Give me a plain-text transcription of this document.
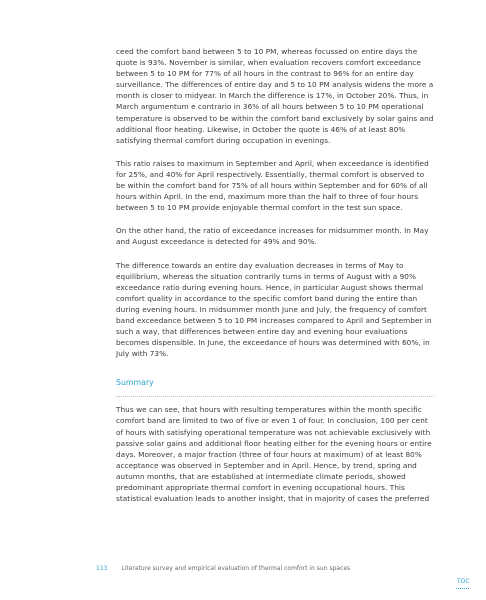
ceed the comfort band between 5 to 10 PM, whereas focussed on entire days the quote is 93%. November is similar, when evaluation recovers comfort exceedance between 5 to 10 PM for 77% of all hours in the contrast to 96% for an entire day surveillance. The differences of entire day and 5 to 10 PM analysis widens the more a month is closer to midyear. In March the difference is 17%, in October 20%. Thus, in March argumentum e contrario in 36% of all hours between 5 to 10 PM operational temperature is observed to be within the comfort band exclusively by solar gains and additional floor heating. Likewise, in October the quote is 46% of at least 80% satisfying thermal comfort during occupation in evenings.

This ratio raises to maximum in September and April, when exceedance is identified for 25%, and 40% for April respectively. Essentially, thermal comfort is observed to be within the comfort band for 75% of all hours within September and for 60% of all hours within April. In the end, maximum more than the half to three of four hours between 5 to 10 PM provide enjoyable thermal comfort in the test sun space.

On the other hand, the ratio of exceedance increases for midsummer month. In May and August exceedance is detected for 49% and 90%.

The difference towards an entire day evaluation decreases in terms of May to equilibrium, whereas the situation contrarily turns in terms of August with a 90% exceedance ratio during evening hours. Hence, in particular August shows thermal comfort quality in accordance to the specific comfort band during the entire than during evening hours. In midsummer month June and July, the frequency of comfort band exceedance between 5 to 10 PM increases compared to April and September in such a way, that differences between entire day and evening hour evaluations becomes dispensible. In June, the exceedance of hours was determined with 60%, in July with 73%.

Summary

Thus we can see, that hours with resulting temperatures within the month specific comfort band are limited to two of five or even 1 of four. In conclusion, 100 per cent of hours with satisfying operational temperature was not achievable exclusively with passive solar gains and additional floor heating either for the evening hours or entire days. Moreover, a major fraction (three of four hours at maximum) of at least 80% acceptance was observed in September and in April. Hence, by trend, spring and autumn months, that are established at intermediate climate periods, showed predominant appropriate thermal comfort in evening occupational hours. This statistical evaluation leads to another insight, that in majority of cases the preferred

113 Literature survey and empirical evaluation of thermal comfort in sun spaces
TOC
